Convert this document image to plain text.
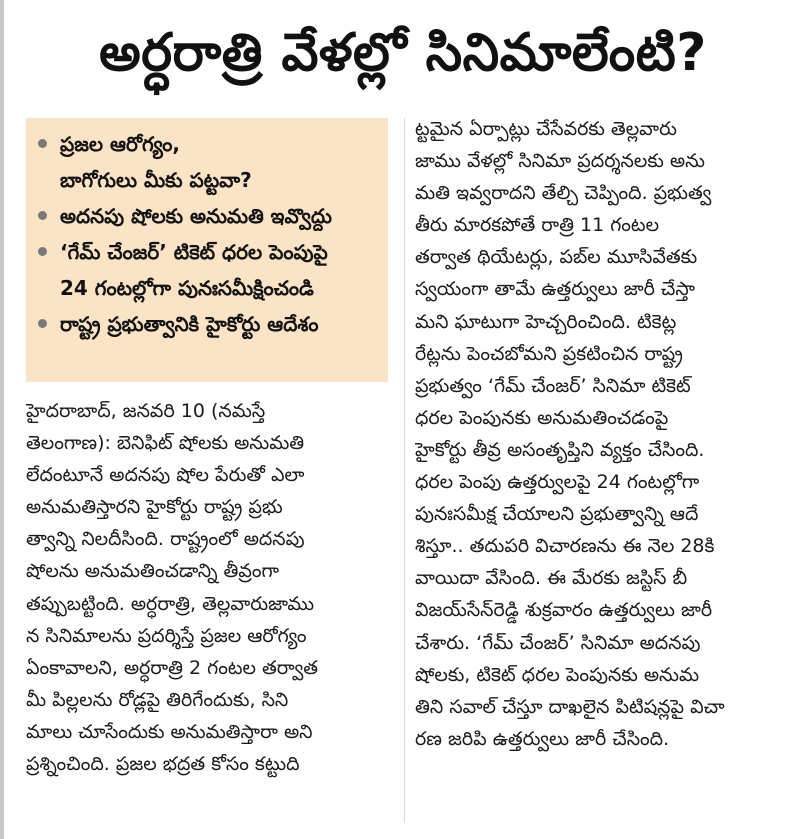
అర్ధరాత్రి వేళల్లో సినిమాలేంటి?
ప్రజల ఆరోగ్యం,
బాగోగులు మీకు పట్టవా?
అదనపు షోలకు అనుమతి ఇవ్వొద్దు
‘గేమ్ చేంజర్’ టికెట్ ధరల పెంపుపై
24 గంటల్లోగా పునఃసమీక్షించండి
రాష్ట్ర ప్రభుత్వానికి హైకోర్టు ఆదేశం
హైదరాబాద్, జనవరి 10 (నమస్తే
తెలంగాణ): బెనిఫిట్ షోలకు అనుమతి
లేదంటూనే అదనపు షోల పేరుతో ఎలా
అనుమతిస్తారని హైకోర్టు రాష్ట్ర ప్రభు
త్వాన్ని నిలదీసింది. రాష్ట్రంలో అదనపు
షోలను అనుమతించడాన్ని తీవ్రంగా
తప్పుబట్టింది. అర్ధరాత్రి, తెల్లవారుజాము
న సినిమాలను ప్రదర్శిస్తే ప్రజల ఆరోగ్యం
ఏంకావాలని, అర్ధరాత్రి 2 గంటల తర్వాత
మీ పిల్లలను రోడ్లపై తిరిగేందుకు, సిని
మాలు చూసేందుకు అనుమతిస్తారా అని
ప్రశ్నించింది. ప్రజల భద్రత కోసం కట్టుది
ట్టమైన ఏర్పాట్లు చేసేవరకు తెల్లవారు
జాము వేళల్లో సినిమా ప్రదర్శనలకు అను
మతి ఇవ్వరాదని తేల్చి చెప్పింది. ప్రభుత్వ
తీరు మారకపోతే రాత్రి 11 గంటల
తర్వాత థియేటర్లు, పబ్‌ల మూసివేతకు
స్వయంగా తామే ఉత్తర్వులు జారీ చేస్తా
మని ఘాటుగా హెచ్చరించింది. టికెట్ల
రేట్లను పెంచబోమని ప్రకటించిన రాష్ట్ర
ప్రభుత్వం ‘గేమ్ చేంజర్’ సినిమా టికెట్
ధరల పెంపునకు అనుమతించడంపై
హైకోర్టు తీవ్ర అసంతృప్తిని వ్యక్తం చేసింది.
ధరల పెంపు ఉత్తర్వులపై 24 గంటల్లోగా
పునఃసమీక్ష చేయాలని ప్రభుత్వాన్ని ఆదే
శిస్తూ.. తదుపరి విచారణను ఈ నెల 28కి
వాయిదా వేసింది. ఈ మేరకు జస్టిస్ బీ
విజయ్‌సేన్‌రెడ్డి శుక్రవారం ఉత్తర్వులు జారీ
చేశారు. ‘గేమ్ చేంజర్’ సినిమా అదనపు
షోలకు, టికెట్ ధరల పెంపునకు అనుమ
తిని సవాల్ చేస్తూ దాఖలైన పిటిషన్లపై విచా
రణ జరిపి ఉత్తర్వులు జారీ చేసింది.
